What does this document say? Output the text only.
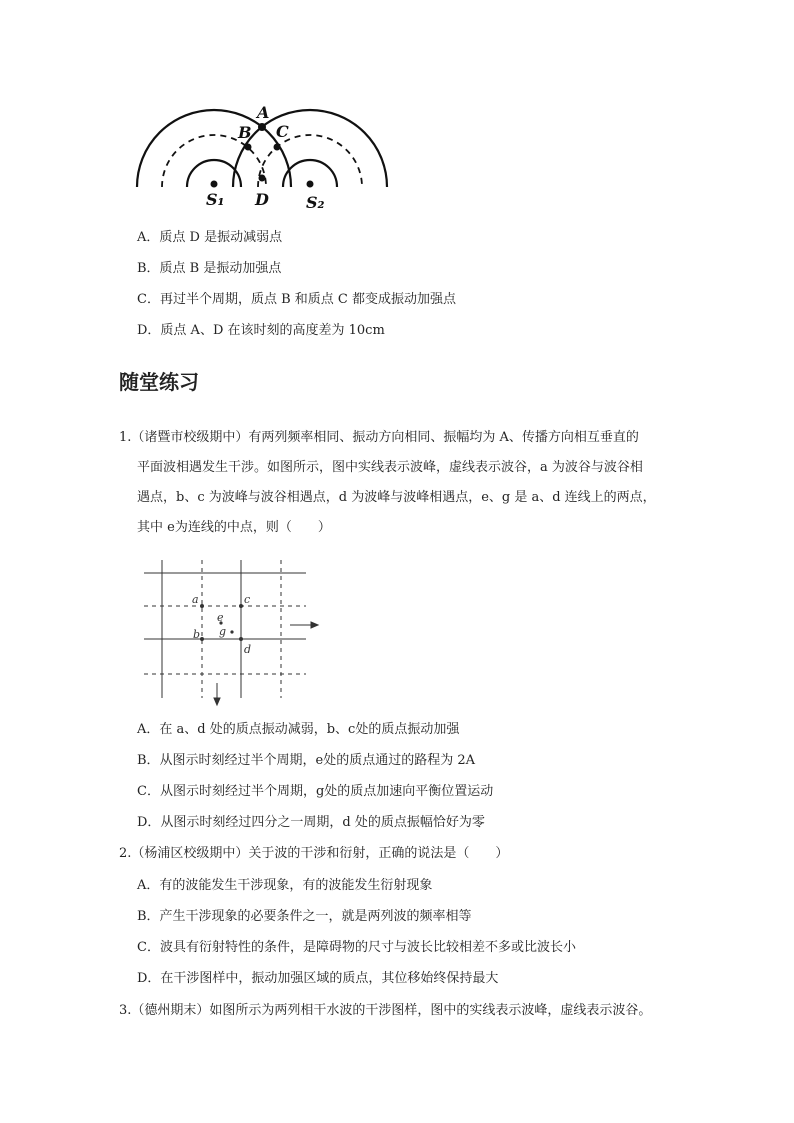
A
B C
D
S₁	S₂
A．质点 D 是振动减弱点
B．质点 B 是振动加强点
C．再过半个周期，质点 B 和质点 C 都变成振动加强点
D．质点 A、D 在该时刻的高度差为 10cm
随堂练习
1.（诸暨市校级期中）有两列频率相同、振动方向相同、振幅均为 A、传播方向相互垂直的
平面波相遇发生干涉。如图所示，图中实线表示波峰，虚线表示波谷，a 为波谷与波谷相
遇点，b、c 为波峰与波谷相遇点，d 为波峰与波峰相遇点，e、g 是 a、d 连线上的两点，
其中 e为连线的中点，则（　　）
a	c
b
d
e
g
A．在 a、d 处的质点振动减弱，b、c处的质点振动加强
B．从图示时刻经过半个周期，e处的质点通过的路程为 2A
C．从图示时刻经过半个周期，g处的质点加速向平衡位置运动
D．从图示时刻经过四分之一周期，d 处的质点振幅恰好为零
2.（杨浦区校级期中）关于波的干涉和衍射，正确的说法是（　　）
A．有的波能发生干涉现象，有的波能发生衍射现象
B．产生干涉现象的必要条件之一，就是两列波的频率相等
C．波具有衍射特性的条件，是障碍物的尺寸与波长比较相差不多或比波长小
D．在干涉图样中，振动加强区域的质点，其位移始终保持最大
3.（德州期末）如图所示为两列相干水波的干涉图样，图中的实线表示波峰，虚线表示波谷。
